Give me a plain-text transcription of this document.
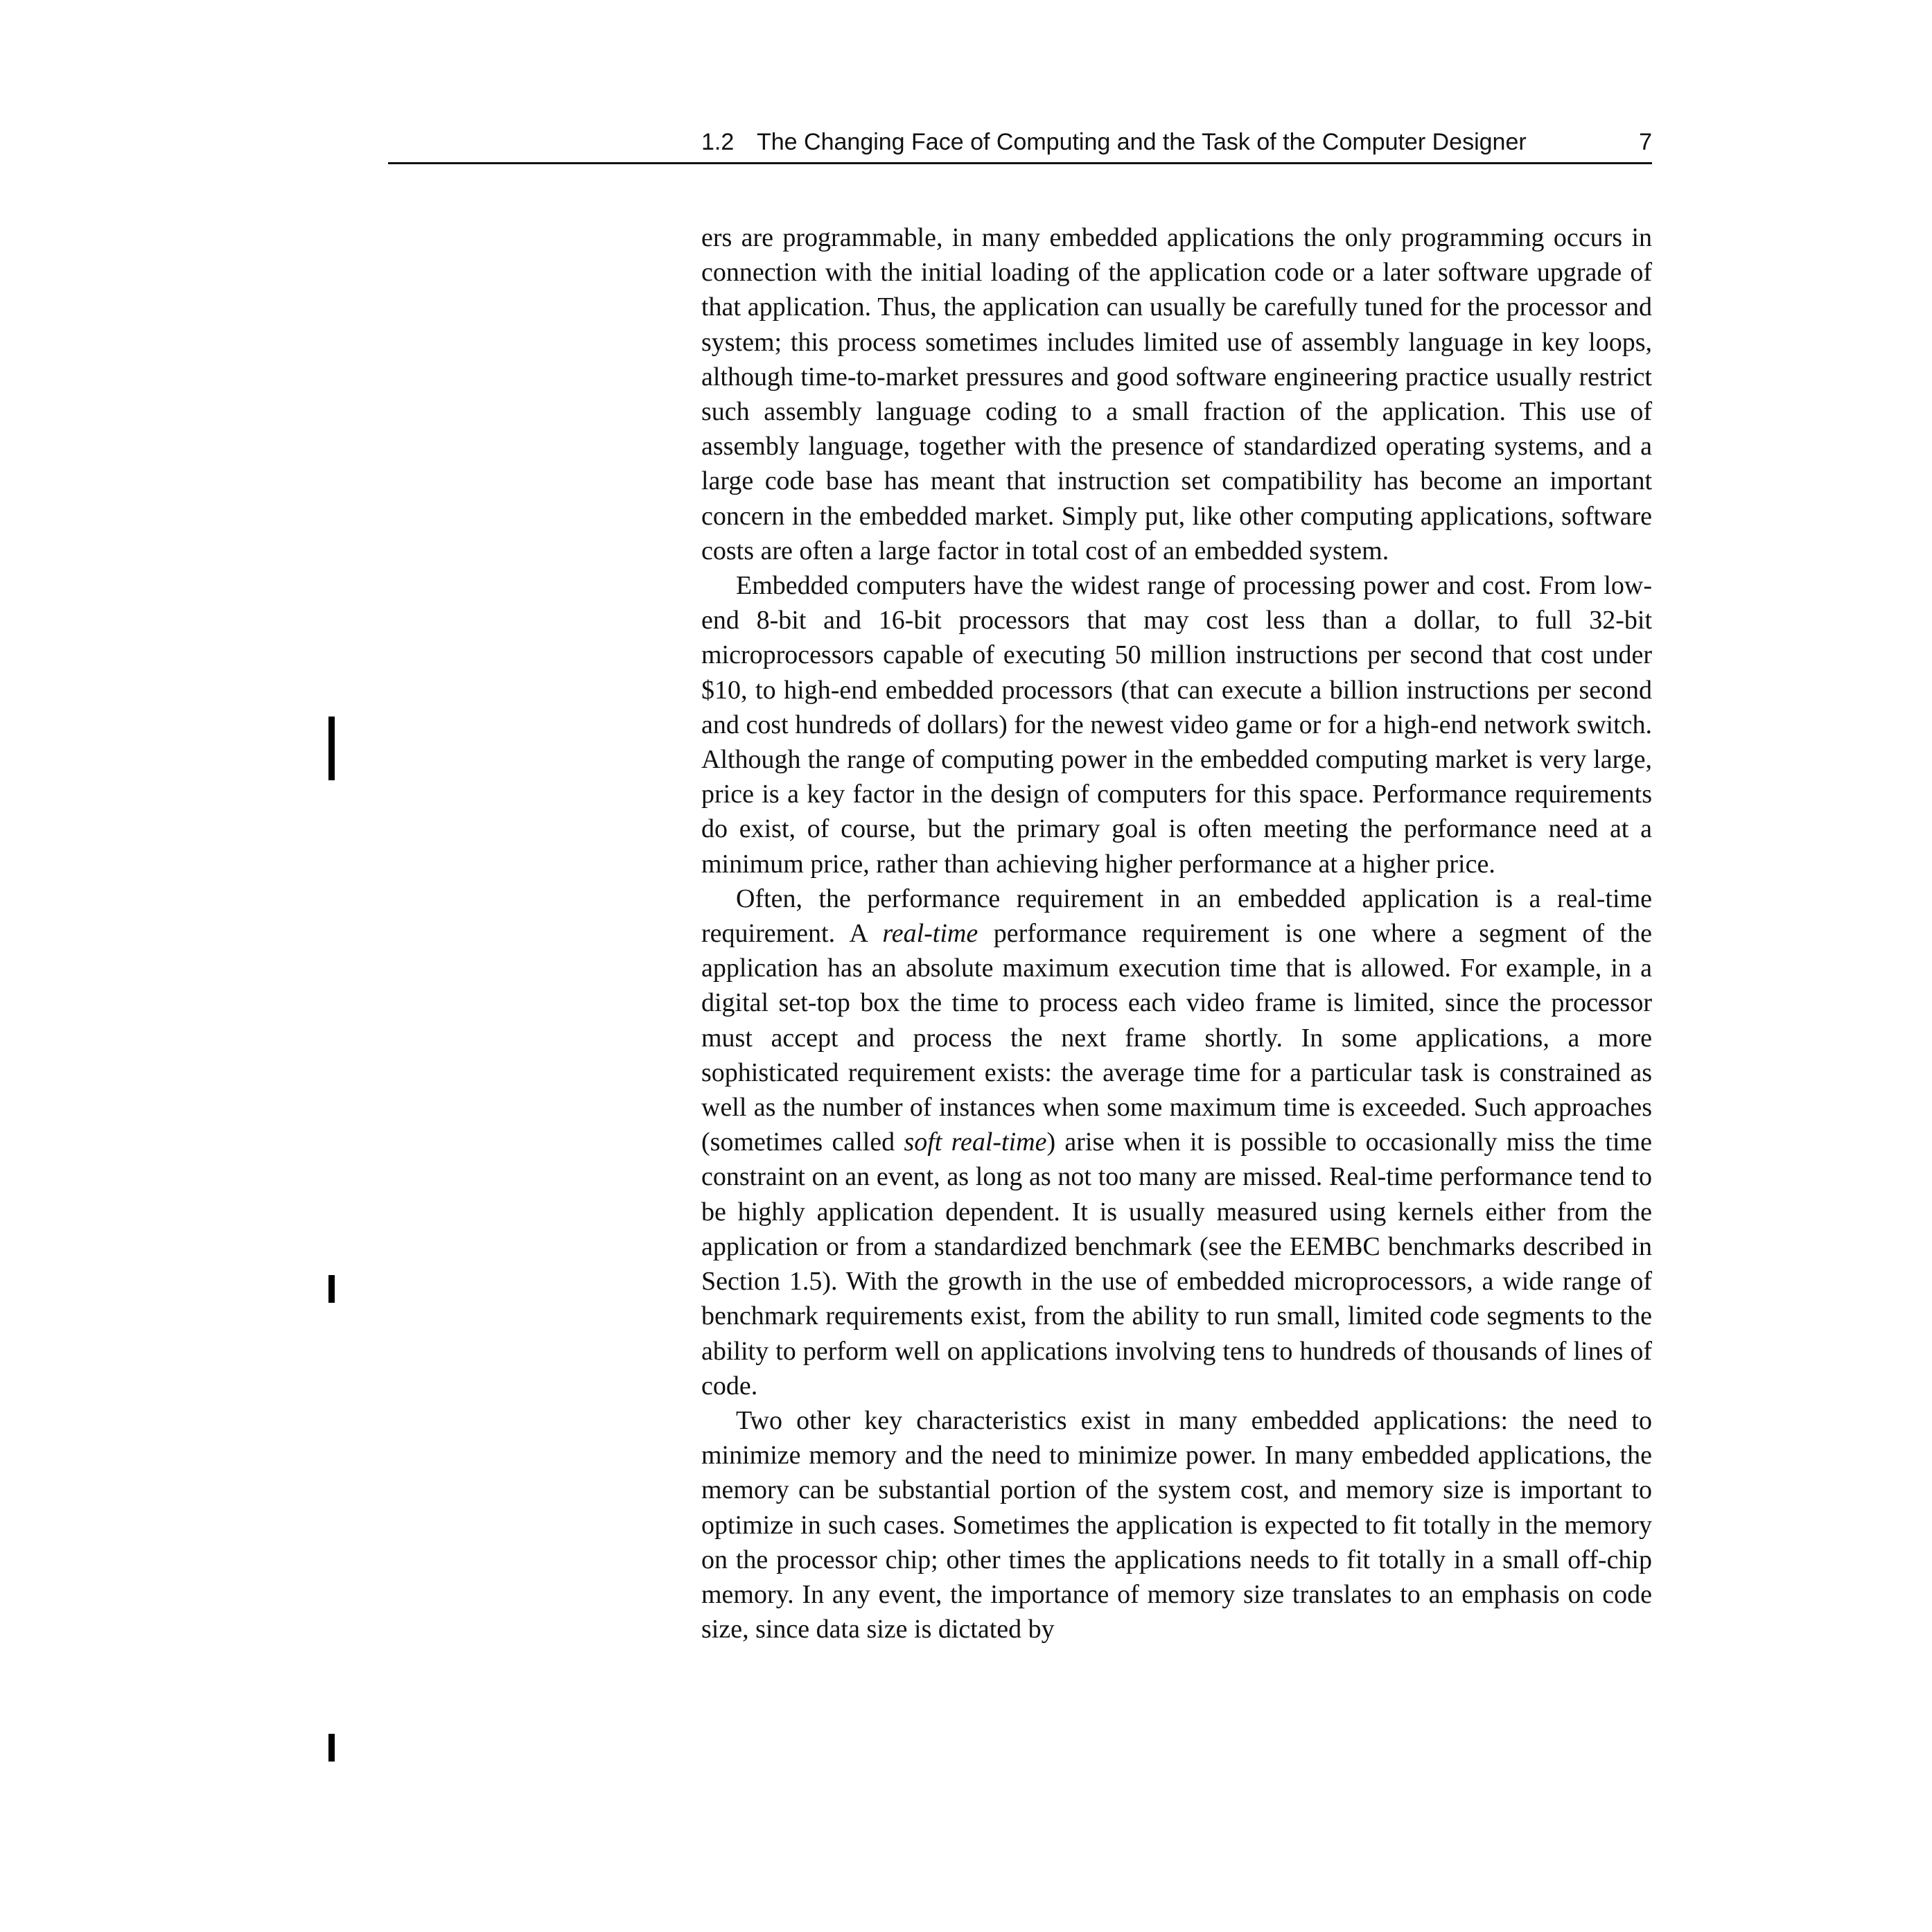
1.2 The Changing Face of Computing and the Task of the Computer Designer	7

ers are programmable, in many embedded applications the only programming occurs in connection with the initial loading of the application code or a later software upgrade of that application. Thus, the application can usually be carefully tuned for the processor and system; this process sometimes includes limited use of assembly language in key loops, although time-to-market pressures and good software engineering practice usually restrict such assembly language coding to a small fraction of the application. This use of assembly language, together with the presence of standardized operating systems, and a large code base has meant that instruction set compatibility has become an important concern in the embedded market. Simply put, like other computing applications, software costs are often a large factor in total cost of an embedded system.

Embedded computers have the widest range of processing power and cost. From low-end 8-bit and 16-bit processors that may cost less than a dollar, to full 32-bit microprocessors capable of executing 50 million instructions per second that cost under $10, to high-end embedded processors (that can execute a billion instructions per second and cost hundreds of dollars) for the newest video game or for a high-end network switch. Although the range of computing power in the embedded computing market is very large, price is a key factor in the design of computers for this space. Performance requirements do exist, of course, but the primary goal is often meeting the performance need at a minimum price, rather than achieving higher performance at a higher price.

Often, the performance requirement in an embedded application is a real-time requirement. A real-time performance requirement is one where a segment of the application has an absolute maximum execution time that is allowed. For example, in a digital set-top box the time to process each video frame is limited, since the processor must accept and process the next frame shortly. In some applications, a more sophisticated requirement exists: the average time for a particular task is constrained as well as the number of instances when some maximum time is exceeded. Such approaches (sometimes called soft real-time) arise when it is possible to occasionally miss the time constraint on an event, as long as not too many are missed. Real-time performance tend to be highly application dependent. It is usually measured using kernels either from the application or from a standardized benchmark (see the EEMBC benchmarks described in Section 1.5). With the growth in the use of embedded microprocessors, a wide range of benchmark requirements exist, from the ability to run small, limited code segments to the ability to perform well on applications involving tens to hundreds of thousands of lines of code.

Two other key characteristics exist in many embedded applications: the need to minimize memory and the need to minimize power. In many embedded applications, the memory can be substantial portion of the system cost, and memory size is important to optimize in such cases. Sometimes the application is expected to fit totally in the memory on the processor chip; other times the applications needs to fit totally in a small off-chip memory. In any event, the importance of memory size translates to an emphasis on code size, since data size is dictated by
